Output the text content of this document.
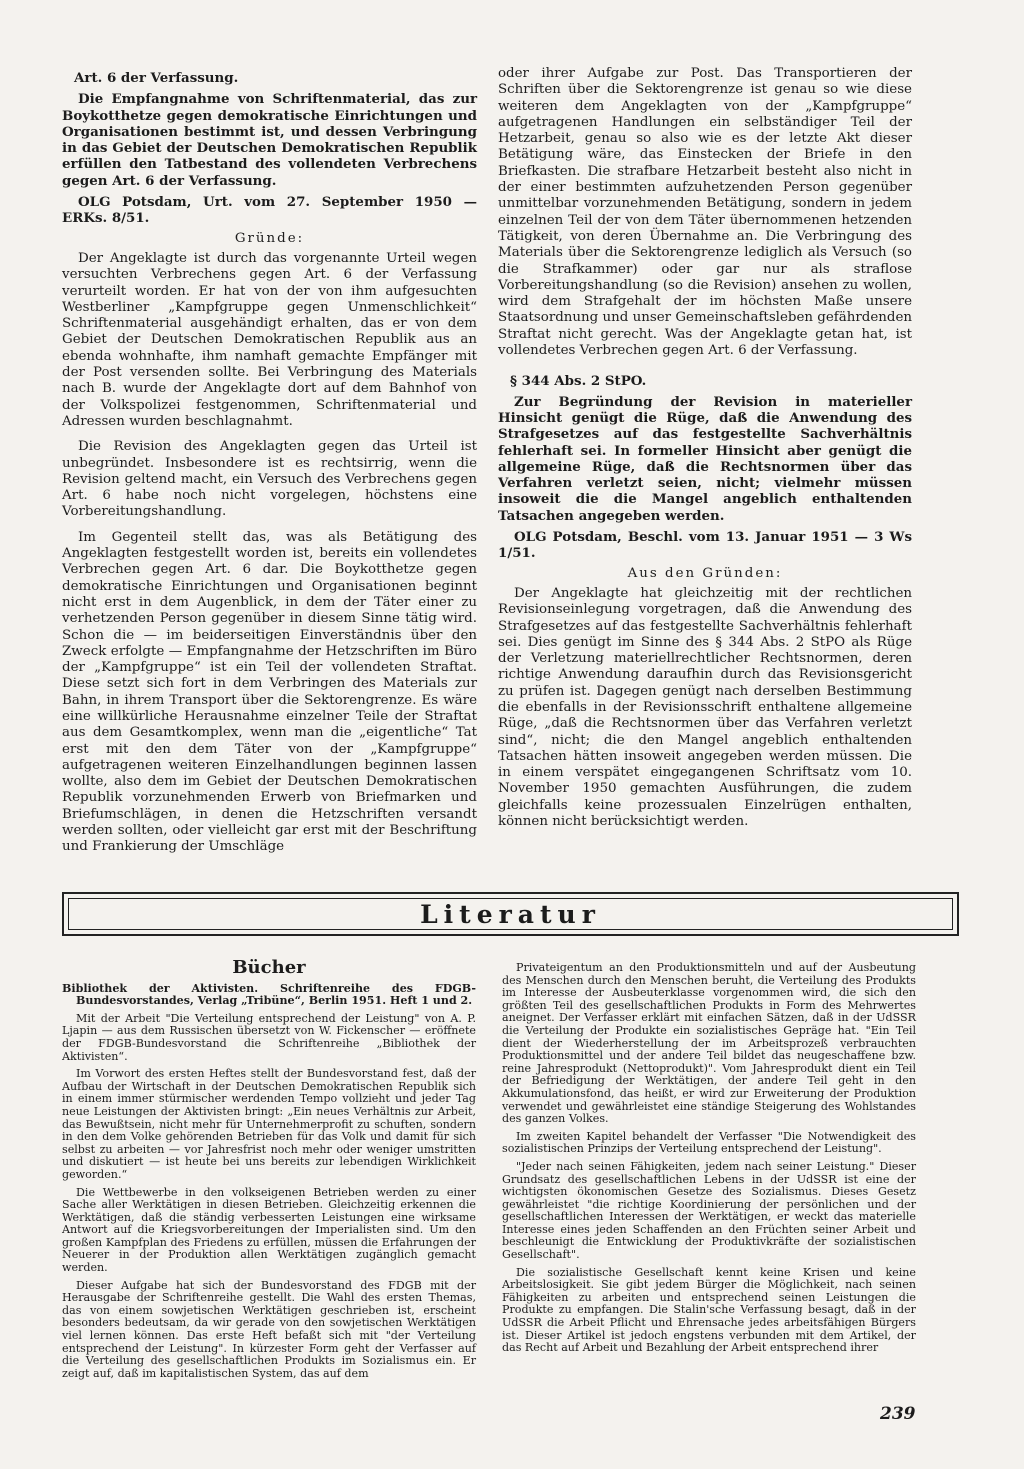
Art. 6 der Verfassung.

Die Empfangnahme von Schriftenmaterial, das zur Boykotthetze gegen demokratische Einrichtungen und Organisationen bestimmt ist, und dessen Verbringung in das Gebiet der Deutschen Demokratischen Republik erfüllen den Tatbestand des vollendeten Verbrechens gegen Art. 6 der Verfassung.

OLG Potsdam, Urt. vom 27. September 1950 — ERKs. 8/51.

Gründe:

Der Angeklagte ist durch das vorgenannte Urteil wegen versuchten Verbrechens gegen Art. 6 der Verfassung verurteilt worden. Er hat von der von ihm aufgesuchten Westberliner „Kampfgruppe gegen Unmenschlichkeit“ Schriftenmaterial ausgehändigt erhalten, das er von dem Gebiet der Deutschen Demokratischen Republik aus an ebenda wohnhafte, ihm namhaft gemachte Empfänger mit der Post versenden sollte. Bei Verbringung des Materials nach B. wurde der Angeklagte dort auf dem Bahnhof von der Volkspolizei festgenommen, Schriftenmaterial und Adressen wurden beschlagnahmt.

Die Revision des Angeklagten gegen das Urteil ist unbegründet. Insbesondere ist es rechtsirrig, wenn die Revision geltend macht, ein Versuch des Verbrechens gegen Art. 6 habe noch nicht vorgelegen, höchstens eine Vorbereitungshandlung.

Im Gegenteil stellt das, was als Betätigung des Angeklagten festgestellt worden ist, bereits ein vollendetes Verbrechen gegen Art. 6 dar. Die Boykotthetze gegen demokratische Einrichtungen und Organisationen beginnt nicht erst in dem Augenblick, in dem der Täter einer zu verhetzenden Person gegenüber in diesem Sinne tätig wird. Schon die — im beiderseitigen Einverständnis über den Zweck erfolgte — Empfangnahme der Hetzschriften im Büro der „Kampfgruppe“ ist ein Teil der vollendeten Straftat. Diese setzt sich fort in dem Verbringen des Materials zur Bahn, in ihrem Transport über die Sektorengrenze. Es wäre eine willkürliche Herausnahme einzelner Teile der Straftat aus dem Gesamtkomplex, wenn man die „eigentliche“ Tat erst mit den dem Täter von der „Kampfgruppe“ aufgetragenen weiteren Einzelhandlungen beginnen lassen wollte, also dem im Gebiet der Deutschen Demokratischen Republik vorzunehmenden Erwerb von Briefmarken und Briefumschlägen, in denen die Hetzschriften versandt werden sollten, oder vielleicht gar erst mit der Beschriftung und Frankierung der Umschläge

oder ihrer Aufgabe zur Post. Das Transportieren der Schriften über die Sektorengrenze ist genau so wie diese weiteren dem Angeklagten von der „Kampfgruppe“ aufgetragenen Handlungen ein selbständiger Teil der Hetzarbeit, genau so also wie es der letzte Akt dieser Betätigung wäre, das Einstecken der Briefe in den Briefkasten. Die strafbare Hetzarbeit besteht also nicht in der einer bestimmten aufzuhetzenden Person gegenüber unmittelbar vorzunehmenden Betätigung, sondern in jedem einzelnen Teil der von dem Täter übernommenen hetzenden Tätigkeit, von deren Übernahme an. Die Verbringung des Materials über die Sektorengrenze lediglich als Versuch (so die Strafkammer) oder gar nur als straflose Vorbereitungshandlung (so die Revision) ansehen zu wollen, wird dem Strafgehalt der im höchsten Maße unsere Staatsordnung und unser Gemeinschaftsleben gefährdenden Straftat nicht gerecht. Was der Angeklagte getan hat, ist vollendetes Verbrechen gegen Art. 6 der Verfassung.

§ 344 Abs. 2 StPO.

Zur Begründung der Revision in materieller Hinsicht genügt die Rüge, daß die Anwendung des Strafgesetzes auf das festgestellte Sachverhältnis fehlerhaft sei. In formeller Hinsicht aber genügt die allgemeine Rüge, daß die Rechtsnormen über das Verfahren verletzt seien, nicht; vielmehr müssen insoweit die die Mangel angeblich enthaltenden Tatsachen angegeben werden.

OLG Potsdam, Beschl. vom 13. Januar 1951 — 3 Ws 1/51.

Aus den Gründen:

Der Angeklagte hat gleichzeitig mit der rechtlichen Revisionseinlegung vorgetragen, daß die Anwendung des Strafgesetzes auf das festgestellte Sachverhältnis fehlerhaft sei. Dies genügt im Sinne des § 344 Abs. 2 StPO als Rüge der Verletzung materiellrechtlicher Rechtsnormen, deren richtige Anwendung daraufhin durch das Revisionsgericht zu prüfen ist. Dagegen genügt nach derselben Bestimmung die ebenfalls in der Revisionsschrift enthaltene allgemeine Rüge, „daß die Rechtsnormen über das Verfahren verletzt sind“, nicht; die den Mangel angeblich enthaltenden Tatsachen hätten insoweit angegeben werden müssen. Die in einem verspätet eingegangenen Schriftsatz vom 10. November 1950 gemachten Ausführungen, die zudem gleichfalls keine prozessualen Einzelrügen enthalten, können nicht berücksichtigt werden.

Literatur

Bücher

Bibliothek der Aktivisten. Schriftenreihe des FDGB-Bundesvorstandes, Verlag „Tribüne“, Berlin 1951. Heft 1 und 2.

Mit der Arbeit "Die Verteilung entsprechend der Leistung" von A. P. Ljapin — aus dem Russischen übersetzt von W. Fickenscher — eröffnete der FDGB-Bundesvorstand die Schriftenreihe „Bibliothek der Aktivisten“.

Im Vorwort des ersten Heftes stellt der Bundesvorstand fest, daß der Aufbau der Wirtschaft in der Deutschen Demokratischen Republik sich in einem immer stürmischer werdenden Tempo vollzieht und jeder Tag neue Leistungen der Aktivisten bringt: „Ein neues Verhältnis zur Arbeit, das Bewußtsein, nicht mehr für Unternehmerprofit zu schuften, sondern in den dem Volke gehörenden Betrieben für das Volk und damit für sich selbst zu arbeiten — vor Jahresfrist noch mehr oder weniger umstritten und diskutiert — ist heute bei uns bereits zur lebendigen Wirklichkeit geworden.“

Die Wettbewerbe in den volkseigenen Betrieben werden zu einer Sache aller Werktätigen in diesen Betrieben. Gleichzeitig erkennen die Werktätigen, daß die ständig verbesserten Leistungen eine wirksame Antwort auf die Kriegsvorbereitungen der Imperialisten sind. Um den großen Kampfplan des Friedens zu erfüllen, müssen die Erfahrungen der Neuerer in der Produktion allen Werktätigen zugänglich gemacht werden.

Dieser Aufgabe hat sich der Bundesvorstand des FDGB mit der Herausgabe der Schriftenreihe gestellt. Die Wahl des ersten Themas, das von einem sowjetischen Werktätigen geschrieben ist, erscheint besonders bedeutsam, da wir gerade von den sowjetischen Werktätigen viel lernen können. Das erste Heft befaßt sich mit "der Verteilung entsprechend der Leistung". In kürzester Form geht der Verfasser auf die Verteilung des gesellschaftlichen Produkts im Sozialismus ein. Er zeigt auf, daß im kapitalistischen System, das auf dem

Privateigentum an den Produktionsmitteln und auf der Ausbeutung des Menschen durch den Menschen beruht, die Verteilung des Produkts im Interesse der Ausbeuterklasse vorgenommen wird, die sich den größten Teil des gesellschaftlichen Produkts in Form des Mehrwertes aneignet. Der Verfasser erklärt mit einfachen Sätzen, daß in der UdSSR die Verteilung der Produkte ein sozialistisches Gepräge hat. "Ein Teil dient der Wiederherstellung der im Arbeitsprozeß verbrauchten Produktionsmittel und der andere Teil bildet das neugeschaffene bzw. reine Jahresprodukt (Nettoprodukt)". Vom Jahresprodukt dient ein Teil der Befriedigung der Werktätigen, der andere Teil geht in den Akkumulationsfond, das heißt, er wird zur Erweiterung der Produktion verwendet und gewährleistet eine ständige Steigerung des Wohlstandes des ganzen Volkes.

Im zweiten Kapitel behandelt der Verfasser "Die Notwendigkeit des sozialistischen Prinzips der Verteilung entsprechend der Leistung".

"Jeder nach seinen Fähigkeiten, jedem nach seiner Leistung." Dieser Grundsatz des gesellschaftlichen Lebens in der UdSSR ist eine der wichtigsten ökonomischen Gesetze des Sozialismus. Dieses Gesetz gewährleistet "die richtige Koordinierung der persönlichen und der gesellschaftlichen Interessen der Werktätigen, er weckt das materielle Interesse eines jeden Schaffenden an den Früchten seiner Arbeit und beschleunigt die Entwicklung der Produktivkräfte der sozialistischen Gesellschaft".

Die sozialistische Gesellschaft kennt keine Krisen und keine Arbeitslosigkeit. Sie gibt jedem Bürger die Möglichkeit, nach seinen Fähigkeiten zu arbeiten und entsprechend seinen Leistungen die Produkte zu empfangen. Die Stalin'sche Verfassung besagt, daß in der UdSSR die Arbeit Pflicht und Ehrensache jedes arbeitsfähigen Bürgers ist. Dieser Artikel ist jedoch engstens verbunden mit dem Artikel, der das Recht auf Arbeit und Bezahlung der Arbeit entsprechend ihrer

239
